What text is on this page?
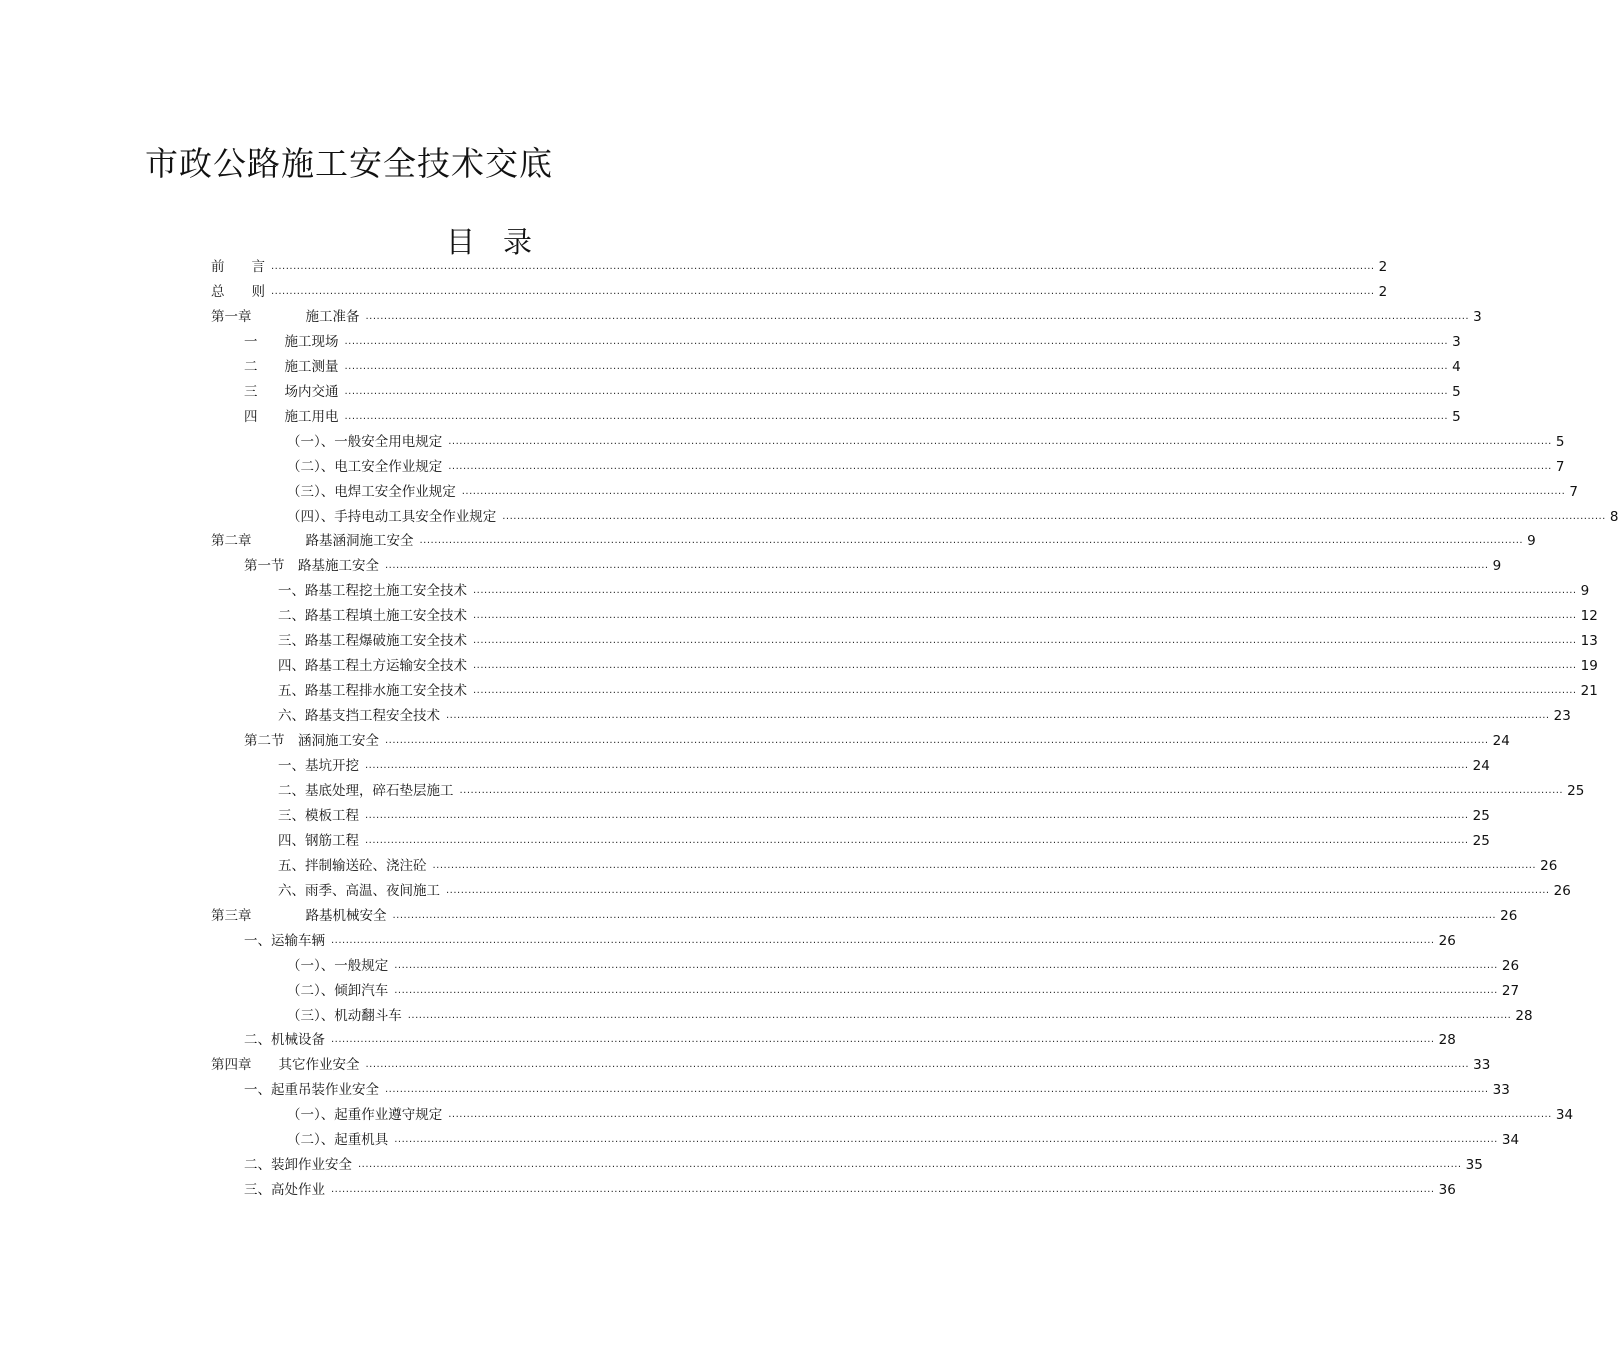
市政公路施工安全技术交底
目录
前　　言 ............................................................................................................................................................................................................................................................................................................ 2
总　　则 ............................................................................................................................................................................................................................................................................................................ 2
第一章　　　　施工准备 ............................................................................................................................................................................................................................................................................................................ 3
一　　施工现场 ............................................................................................................................................................................................................................................................................................................ 3
二　　施工测量 ............................................................................................................................................................................................................................................................................................................ 4
三　　场内交通 ............................................................................................................................................................................................................................................................................................................ 5
四　　施工用电 ............................................................................................................................................................................................................................................................................................................ 5
（一）、一般安全用电规定 ............................................................................................................................................................................................................................................................................................................ 5
（二）、电工安全作业规定 ............................................................................................................................................................................................................................................................................................................ 7
（三）、电焊工安全作业规定 ............................................................................................................................................................................................................................................................................................................ 7
（四）、手持电动工具安全作业规定 ............................................................................................................................................................................................................................................................................................................ 8
第二章　　　　路基涵洞施工安全 ............................................................................................................................................................................................................................................................................................................ 9
第一节　路基施工安全 ............................................................................................................................................................................................................................................................................................................ 9
一、路基工程挖土施工安全技术 ............................................................................................................................................................................................................................................................................................................ 9
二、路基工程填土施工安全技术 ............................................................................................................................................................................................................................................................................................................ 12
三、路基工程爆破施工安全技术 ............................................................................................................................................................................................................................................................................................................ 13
四、路基工程土方运输安全技术 ............................................................................................................................................................................................................................................................................................................ 19
五、路基工程排水施工安全技术 ............................................................................................................................................................................................................................................................................................................ 21
六、路基支挡工程安全技术 ............................................................................................................................................................................................................................................................................................................ 23
第二节　涵洞施工安全 ............................................................................................................................................................................................................................................................................................................ 24
一、基坑开挖 ............................................................................................................................................................................................................................................................................................................ 24
二、基底处理，碎石垫层施工 ............................................................................................................................................................................................................................................................................................................ 25
三、模板工程 ............................................................................................................................................................................................................................................................................................................ 25
四、钢筋工程 ............................................................................................................................................................................................................................................................................................................ 25
五、拌制输送砼、浇注砼 ............................................................................................................................................................................................................................................................................................................ 26
六、雨季、高温、夜间施工 ............................................................................................................................................................................................................................................................................................................ 26
第三章　　　　路基机械安全 ............................................................................................................................................................................................................................................................................................................ 26
一、运输车辆 ............................................................................................................................................................................................................................................................................................................ 26
（一）、一般规定 ............................................................................................................................................................................................................................................................................................................ 26
（二）、倾卸汽车 ............................................................................................................................................................................................................................................................................................................ 27
（三）、机动翻斗车 ............................................................................................................................................................................................................................................................................................................ 28
二、机械设备 ............................................................................................................................................................................................................................................................................................................ 28
第四章　　其它作业安全 ............................................................................................................................................................................................................................................................................................................ 33
一、起重吊装作业安全 ............................................................................................................................................................................................................................................................................................................ 33
（一）、起重作业遵守规定 ............................................................................................................................................................................................................................................................................................................ 34
（二）、起重机具 ............................................................................................................................................................................................................................................................................................................ 34
二、装卸作业安全 ............................................................................................................................................................................................................................................................................................................ 35
三、高处作业 ............................................................................................................................................................................................................................................................................................................ 36
